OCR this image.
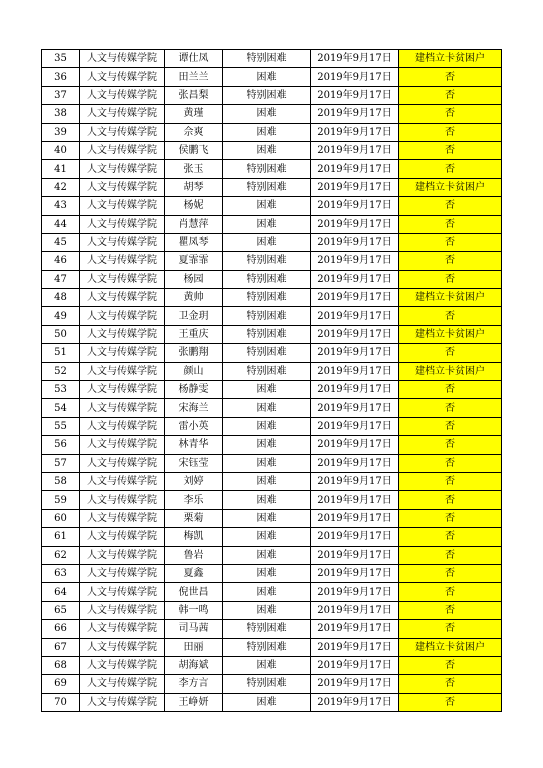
35	人文与传媒学院	谭仕凤	特别困难	2019年9月17日	建档立卡贫困户
36	人文与传媒学院	田兰兰	困难	2019年9月17日	否
37	人文与传媒学院	张昌梨	特别困难	2019年9月17日	否
38	人文与传媒学院	黄瑾	困难	2019年9月17日	否
39	人文与传媒学院	佘爽	困难	2019年9月17日	否
40	人文与传媒学院	侯鹏飞	困难	2019年9月17日	否
41	人文与传媒学院	张玉	特别困难	2019年9月17日	否
42	人文与传媒学院	胡琴	特别困难	2019年9月17日	建档立卡贫困户
43	人文与传媒学院	杨妮	困难	2019年9月17日	否
44	人文与传媒学院	肖慧萍	困难	2019年9月17日	否
45	人文与传媒学院	瞿凤琴	困难	2019年9月17日	否
46	人文与传媒学院	夏霏霏	特别困难	2019年9月17日	否
47	人文与传媒学院	杨园	特别困难	2019年9月17日	否
48	人文与传媒学院	黄帅	特别困难	2019年9月17日	建档立卡贫困户
49	人文与传媒学院	卫金玥	特别困难	2019年9月17日	否
50	人文与传媒学院	王重庆	特别困难	2019年9月17日	建档立卡贫困户
51	人文与传媒学院	张鹏翔	特别困难	2019年9月17日	否
52	人文与传媒学院	颜山	特别困难	2019年9月17日	建档立卡贫困户
53	人文与传媒学院	杨静雯	困难	2019年9月17日	否
54	人文与传媒学院	宋海兰	困难	2019年9月17日	否
55	人文与传媒学院	雷小英	困难	2019年9月17日	否
56	人文与传媒学院	林青华	困难	2019年9月17日	否
57	人文与传媒学院	宋钰莹	困难	2019年9月17日	否
58	人文与传媒学院	刘婷	困难	2019年9月17日	否
59	人文与传媒学院	李乐	困难	2019年9月17日	否
60	人文与传媒学院	栗菊	困难	2019年9月17日	否
61	人文与传媒学院	梅凯	困难	2019年9月17日	否
62	人文与传媒学院	鲁岩	困难	2019年9月17日	否
63	人文与传媒学院	夏鑫	困难	2019年9月17日	否
64	人文与传媒学院	倪世昌	困难	2019年9月17日	否
65	人文与传媒学院	韩一鸣	困难	2019年9月17日	否
66	人文与传媒学院	司马茜	特别困难	2019年9月17日	否
67	人文与传媒学院	田丽	特别困难	2019年9月17日	建档立卡贫困户
68	人文与传媒学院	胡海斌	困难	2019年9月17日	否
69	人文与传媒学院	李方言	特别困难	2019年9月17日	否
70	人文与传媒学院	王峥妍	困难	2019年9月17日	否
